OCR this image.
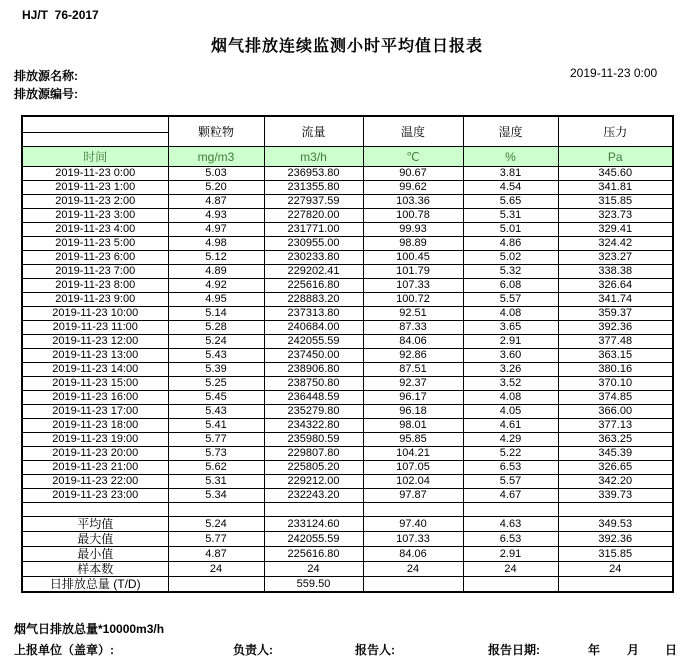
HJ/T  76-2017
烟气排放连续监测小时平均值日报表
排放源名称:
排放源编号:
2019-11-23 0:00
	颗粒物	流量	温度	湿度	压力
时间	mg/m3	m3/h	℃	%	Pa
2019-11-23 0:00	5.03	236953.80	90.67	3.81	345.60
2019-11-23 1:00	5.20	231355.80	99.62	4.54	341.81
2019-11-23 2:00	4.87	227937.59	103.36	5.65	315.85
2019-11-23 3:00	4.93	227820.00	100.78	5.31	323.73
2019-11-23 4:00	4.97	231771.00	99.93	5.01	329.41
2019-11-23 5:00	4.98	230955.00	98.89	4.86	324.42
2019-11-23 6:00	5.12	230233.80	100.45	5.02	323.27
2019-11-23 7:00	4.89	229202.41	101.79	5.32	338.38
2019-11-23 8:00	4.92	225616.80	107.33	6.08	326.64
2019-11-23 9:00	4.95	228883.20	100.72	5.57	341.74
2019-11-23 10:00	5.14	237313.80	92.51	4.08	359.37
2019-11-23 11:00	5.28	240684.00	87.33	3.65	392.36
2019-11-23 12:00	5.24	242055.59	84.06	2.91	377.48
2019-11-23 13:00	5.43	237450.00	92.86	3.60	363.15
2019-11-23 14:00	5.39	238906.80	87.51	3.26	380.16
2019-11-23 15:00	5.25	238750.80	92.37	3.52	370.10
2019-11-23 16:00	5.45	236448.59	96.17	4.08	374.85
2019-11-23 17:00	5.43	235279.80	96.18	4.05	366.00
2019-11-23 18:00	5.41	234322.80	98.01	4.61	377.13
2019-11-23 19:00	5.77	235980.59	95.85	4.29	363.25
2019-11-23 20:00	5.73	229807.80	104.21	5.22	345.39
2019-11-23 21:00	5.62	225805.20	107.05	6.53	326.65
2019-11-23 22:00	5.31	229212.00	102.04	5.57	342.20
2019-11-23 23:00	5.34	232243.20	97.87	4.67	339.73

平均值	5.24	233124.60	97.40	4.63	349.53
最大值	5.77	242055.59	107.33	6.53	392.36
最小值	4.87	225616.80	84.06	2.91	315.85
样本数	24	24	24	24	24
日排放总量 (T/D)		559.50			
烟气日排放总量*10000m3/h
上报单位（盖章）:	负责人:	报告人:	报告日期:	年 月 日
